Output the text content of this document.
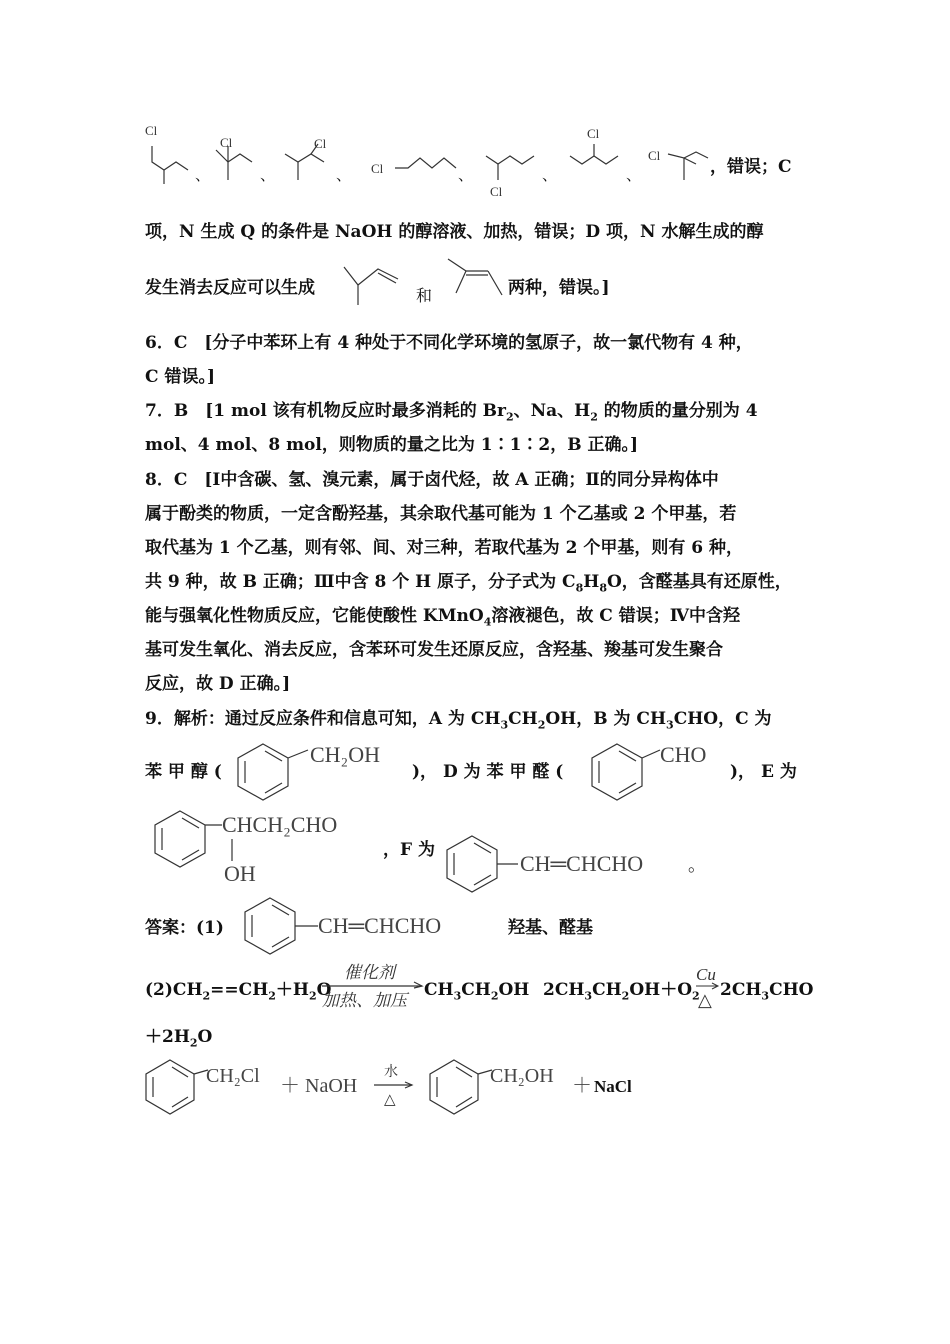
Cl
Cl	Cl
Cl
Cl
Cl
Cl
、	、	、	、	、	、	，错误；C
项，N 生成 Q 的条件是 NaOH 的醇溶液、加热，错误；D 项，N 水解生成的醇
发生消去反应可以生成	和	两种，错误。]
6．C　[分子中苯环上有 4 种处于不同化学环境的氢原子，故一氯代物有 4 种，
C 错误。]
7．B　[1 mol 该有机物反应时最多消耗的 $Br_2$、Na、$H_2$ 的物质的量分别为 4
mol、4 mol、8 mol，则物质的量之比为 1∶1∶2，B 正确。]
8．C　[Ⅰ中含碳、氢、溴元素，属于卤代烃，故 A 正确；Ⅱ的同分异构体中
属于酚类的物质，一定含酚羟基，其余取代基可能为 1 个乙基或 2 个甲基，若
取代基为 1 个乙基，则有邻、间、对三种，若取代基为 2 个甲基，则有 6 种，
共 9 种，故 B 正确；Ⅲ中含 8 个 H 原子，分子式为 $C_8H_8O$，含醛基具有还原性，
能与强氧化性物质反应，它能使酸性 KMnO$_4$溶液褪色，故 C 错误；Ⅳ中含羟
基可发生氧化、消去反应，含苯环可发生还原反应，含羟基、羧基可发生聚合
反应，故 D 正确。]
9．解析：通过反应条件和信息可知，A 为 $CH_3CH_2OH$，B 为 $CH_3CHO$，C 为
苯 甲 醇 (
CH₂OH
)， D 为 苯 甲 醛 (
CHO
)， E 为
CHCH₂CHO
OH
，F 为
CH═CHCHO 。
答案：(1)	CH═CHCHO	羟基、醛基
$(2)CH_2==CH_2+H_2O$
催化剂
加热、加压
$CH_3CH_2OH$ $2CH_3CH_2OH+O_2$
Cu
△ $2CH_3CHO$
$+2H_2O$
CH₂Cl ＋ NaOH
水
△
CH₂OH ＋ NaCl
